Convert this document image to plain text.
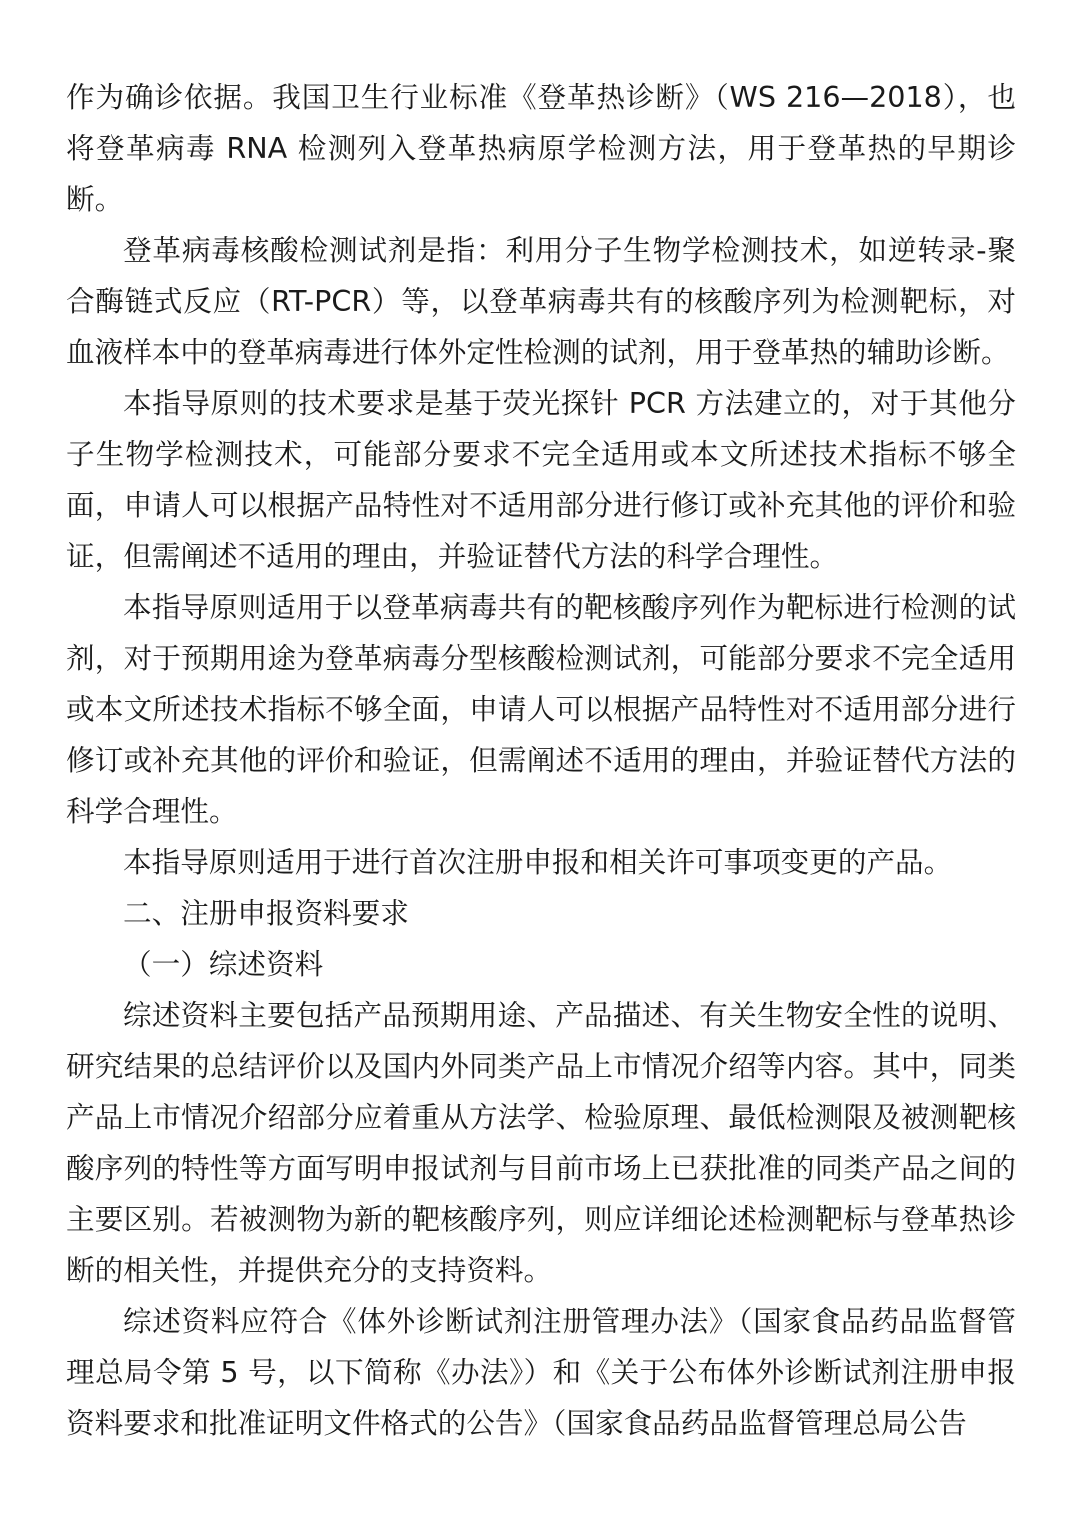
作为确诊依据。我国卫生行业标准《登革热诊断》（WS 216—2018），也将登革病毒 RNA 检测列入登革热病原学检测方法，用于登革热的早期诊断。

登革病毒核酸检测试剂是指：利用分子生物学检测技术，如逆转录-聚合酶链式反应（RT-PCR）等，以登革病毒共有的核酸序列为检测靶标，对血液样本中的登革病毒进行体外定性检测的试剂，用于登革热的辅助诊断。

本指导原则的技术要求是基于荧光探针 PCR 方法建立的，对于其他分子生物学检测技术，可能部分要求不完全适用或本文所述技术指标不够全面，申请人可以根据产品特性对不适用部分进行修订或补充其他的评价和验证，但需阐述不适用的理由，并验证替代方法的科学合理性。

本指导原则适用于以登革病毒共有的靶核酸序列作为靶标进行检测的试剂，对于预期用途为登革病毒分型核酸检测试剂，可能部分要求不完全适用或本文所述技术指标不够全面，申请人可以根据产品特性对不适用部分进行修订或补充其他的评价和验证，但需阐述不适用的理由，并验证替代方法的科学合理性。

本指导原则适用于进行首次注册申报和相关许可事项变更的产品。

二、注册申报资料要求

（一）综述资料

综述资料主要包括产品预期用途、产品描述、有关生物安全性的说明、研究结果的总结评价以及国内外同类产品上市情况介绍等内容。其中，同类产品上市情况介绍部分应着重从方法学、检验原理、最低检测限及被测靶核酸序列的特性等方面写明申报试剂与目前市场上已获批准的同类产品之间的主要区别。若被测物为新的靶核酸序列，则应详细论述检测靶标与登革热诊断的相关性，并提供充分的支持资料。

综述资料应符合《体外诊断试剂注册管理办法》（国家食品药品监督管理总局令第 5 号，以下简称《办法》）和《关于公布体外诊断试剂注册申报资料要求和批准证明文件格式的公告》（国家食品药品监督管理总局公告
